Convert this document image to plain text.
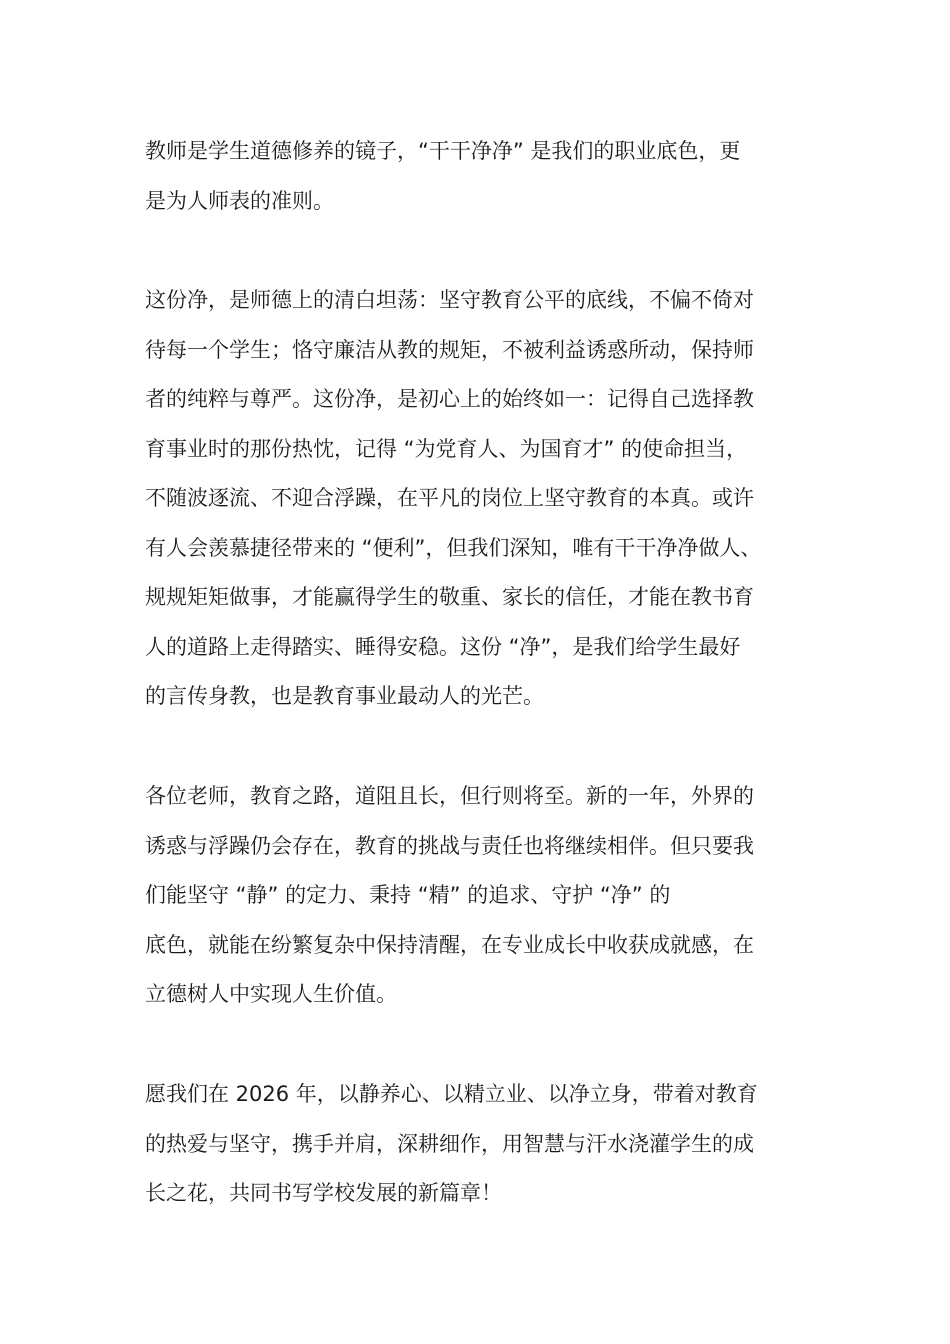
教师是学生道德修养的镜子，“干干净净” 是我们的职业底色，更
是为人师表的准则。
这份净，是师德上的清白坦荡：坚守教育公平的底线，不偏不倚对
待每一个学生；恪守廉洁从教的规矩，不被利益诱惑所动，保持师
者的纯粹与尊严。这份净，是初心上的始终如一：记得自己选择教
育事业时的那份热忱，记得 “为党育人、为国育才” 的使命担当，
不随波逐流、不迎合浮躁，在平凡的岗位上坚守教育的本真。或许
有人会羡慕捷径带来的 “便利”，但我们深知，唯有干干净净做人、
规规矩矩做事，才能赢得学生的敬重、家长的信任，才能在教书育
人的道路上走得踏实、睡得安稳。这份 “净”，是我们给学生最好
的言传身教，也是教育事业最动人的光芒。
各位老师，教育之路，道阻且长，但行则将至。新的一年，外界的
诱惑与浮躁仍会存在，教育的挑战与责任也将继续相伴。但只要我
们能坚守 “静” 的定力、秉持 “精” 的追求、守护 “净” 的
底色，就能在纷繁复杂中保持清醒，在专业成长中收获成就感，在
立德树人中实现人生价值。
愿我们在 2026 年，以静养心、以精立业、以净立身，带着对教育
的热爱与坚守，携手并肩，深耕细作，用智慧与汗水浇灌学生的成
长之花，共同书写学校发展的新篇章！
